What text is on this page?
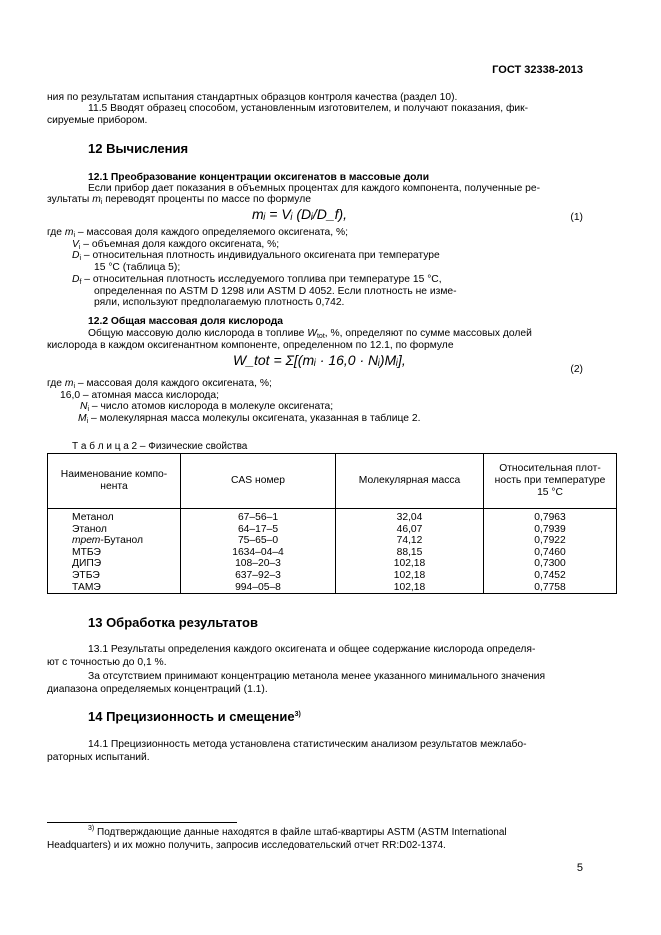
ГОСТ 32338-2013
ния по результатам испытания стандартных образцов контроля качества (раздел 10).
11.5 Вводят образец способом, установленным изготовителем, и получают показания, фик-
сируемые прибором.
12 Вычисления
12.1 Преобразование концентрации оксигенатов в массовые доли
Если прибор дает показания в объемных процентах для каждого компонента, полученные ре-
зультаты $m_i$ переводят проценты по массе по формуле
mᵢ = Vᵢ (Dᵢ/D_f),	(1)
где $m_i$ – массовая доля каждого определяемого оксигената, %;
$V_i$ – объемная доля каждого оксигената, %;
$D_i$ – относительная плотность индивидуального оксигената при температуре
15 °С (таблица 5);
$D_f$ – относительная плотность исследуемого топлива при температуре 15 °С,
определенная по ASTM D 1298 или ASTM D 4052. Если плотность не изме-
ряли, используют предполагаемую плотность 0,742.
12.2 Общая массовая доля кислорода
Общую массовую долю кислорода в топливе $W_{tot}$, %, определяют по сумме массовых долей
кислорода в каждом оксигенантном компоненте, определенном по 12.1, по формуле
W_tot = Σ[(mᵢ · 16,0 · Nᵢ)Mᵢ],
(2)
где $m_i$ – массовая доля каждого оксигената, %;
16,0 – атомная масса кислорода;
$N_i$ – число атомов кислорода в молекуле оксигената;
$M_i$ – молекулярная масса молекулы оксигената, указанная в таблице 2.
Т а б л и ц а 2 – Физические свойства
Наименование компо-нента	CAS номер	Молекулярная масса	Относительная плот-ность при температуре 15 °С
Метанол	67–56–1	32,04	0,7963
Этанол	64–17–5	46,07	0,7939
трет-Бутанол	75–65–0	74,12	0,7922
МТБЭ	1634–04–4	88,15	0,7460
ДИПЭ	108–20–3	102,18	0,7300
ЭТБЭ	637–92–3	102,18	0,7452
ТАМЭ	994–05–8	102,18	0,7758
13 Обработка результатов
13.1 Результаты определения каждого оксигената и общее содержание кислорода определя-
ют с точностью до 0,1 %.
За отсутствием принимают концентрацию метанола менее указанного минимального значения
диапазона определяемых концентраций (1.1).
14 Прецизионность и смещение$^{3)}$
14.1 Прецизионность метода установлена статистическим анализом результатов межлабо-
раторных испытаний.
$^{3)}$ Подтверждающие данные находятся в файле штаб-квартиры ASTM (ASTM International
Headquarters) и их можно получить, запросив исследовательский отчет RR:D02-1374.
5
